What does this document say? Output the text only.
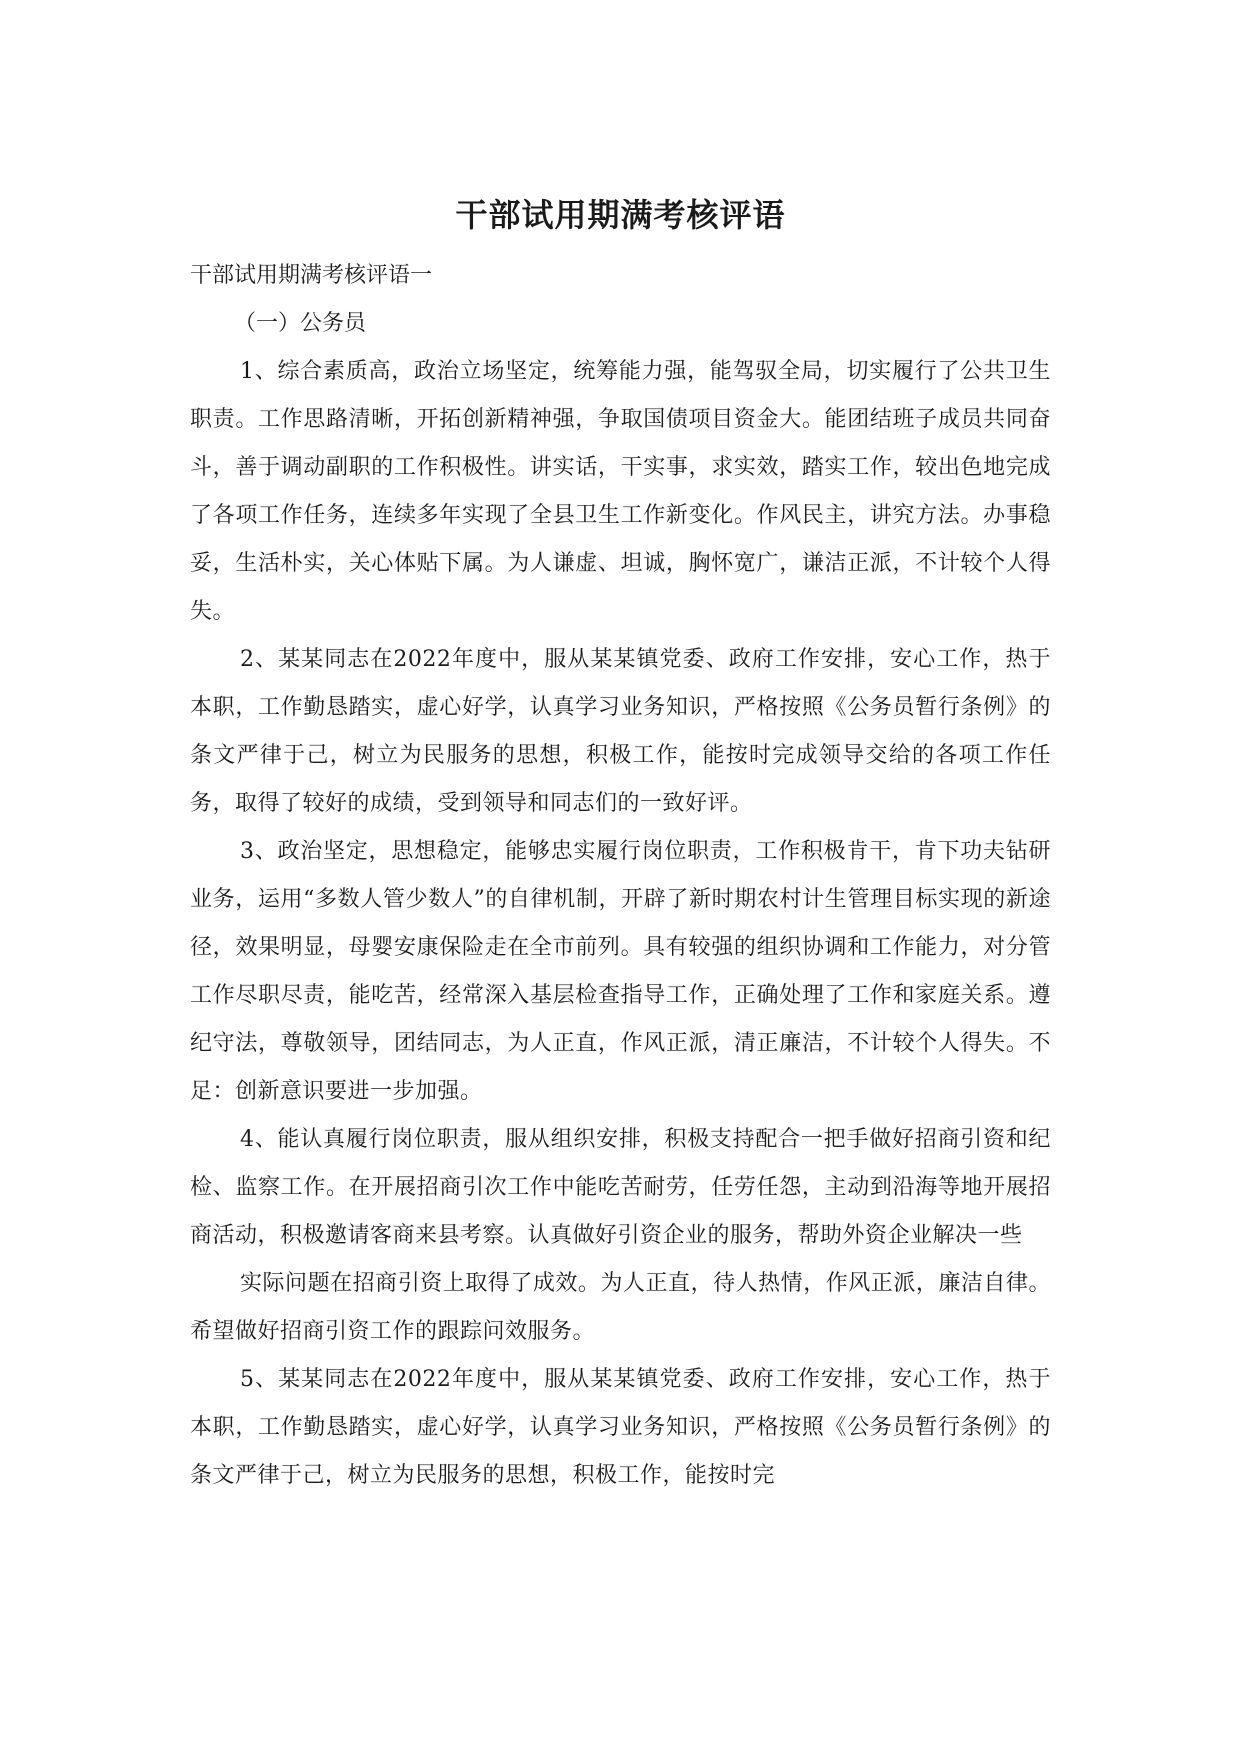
干部试用期满考核评语

干部试用期满考核评语一

（一）公务员

1、综合素质高，政治立场坚定，统筹能力强，能驾驭全局，切实履行了公共卫生职责。工作思路清晰，开拓创新精神强，争取国债项目资金大。能团结班子成员共同奋斗，善于调动副职的工作积极性。讲实话，干实事，求实效，踏实工作，较出色地完成了各项工作任务，连续多年实现了全县卫生工作新变化。作风民主，讲究方法。办事稳妥，生活朴实，关心体贴下属。为人谦虚、坦诚，胸怀宽广，谦洁正派，不计较个人得失。

2、某某同志在2022年度中，服从某某镇党委、政府工作安排，安心工作，热于本职，工作勤恳踏实，虚心好学，认真学习业务知识，严格按照《公务员暂行条例》的条文严律于己，树立为民服务的思想，积极工作，能按时完成领导交给的各项工作任务，取得了较好的成绩，受到领导和同志们的一致好评。

3、政治坚定，思想稳定，能够忠实履行岗位职责，工作积极肯干，肯下功夫钻研业务，运用“多数人管少数人”的自律机制，开辟了新时期农村计生管理目标实现的新途径，效果明显，母婴安康保险走在全市前列。具有较强的组织协调和工作能力，对分管工作尽职尽责，能吃苦，经常深入基层检查指导工作，正确处理了工作和家庭关系。遵纪守法，尊敬领导，团结同志，为人正直，作风正派，清正廉洁，不计较个人得失。不足：创新意识要进一步加强。

4、能认真履行岗位职责，服从组织安排，积极支持配合一把手做好招商引资和纪检、监察工作。在开展招商引次工作中能吃苦耐劳，任劳任怨，主动到沿海等地开展招商活动，积极邀请客商来县考察。认真做好引资企业的服务，帮助外资企业解决一些

实际问题在招商引资上取得了成效。为人正直，待人热情，作风正派，廉洁自律。希望做好招商引资工作的跟踪问效服务。

5、某某同志在2022年度中，服从某某镇党委、政府工作安排，安心工作，热于本职，工作勤恳踏实，虚心好学，认真学习业务知识，严格按照《公务员暂行条例》的条文严律于己，树立为民服务的思想，积极工作，能按时完
